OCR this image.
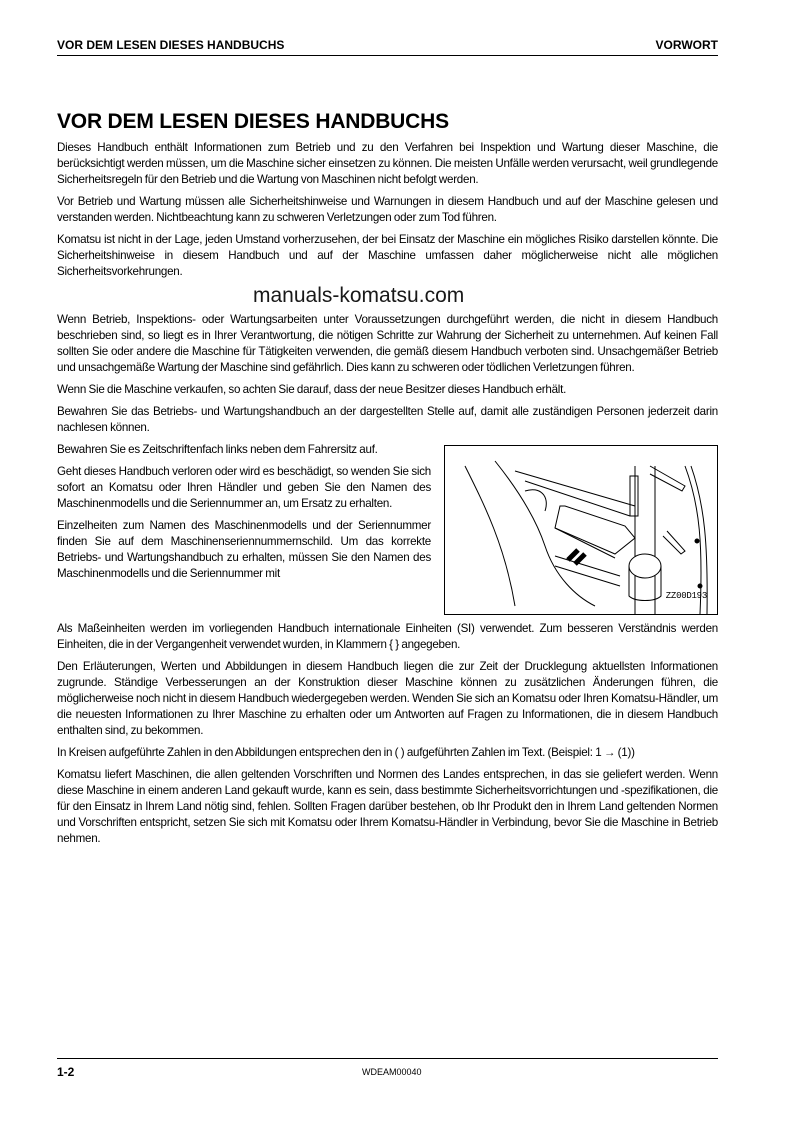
VOR DEM LESEN DIESES HANDBUCHS	VORWORT
VOR DEM LESEN DIESES HANDBUCHS

Dieses Handbuch enthält Informationen zum Betrieb und zu den Verfahren bei Inspektion und Wartung dieser Maschine, die berücksichtigt werden müssen, um die Maschine sicher einsetzen zu können. Die meisten Unfälle werden verursacht, weil grundlegende Sicherheitsregeln für den Betrieb und die Wartung von Maschinen nicht befolgt werden.

Vor Betrieb und Wartung müssen alle Sicherheitshinweise und Warnungen in diesem Handbuch und auf der Maschine gelesen und verstanden werden. Nichtbeachtung kann zu schweren Verletzungen oder zum Tod führen.

Komatsu ist nicht in der Lage, jeden Umstand vorherzusehen, der bei Einsatz der Maschine ein mögliches Risiko darstellen könnte. Die Sicherheitshinweise in diesem Handbuch und auf der Maschine umfassen daher möglicherweise nicht alle möglichen Sicherheitsvorkehrungen.

manuals-komatsu.com

Wenn Betrieb, Inspektions- oder Wartungsarbeiten unter Voraussetzungen durchgeführt werden, die nicht in diesem Handbuch beschrieben sind, so liegt es in Ihrer Verantwortung, die nötigen Schritte zur Wahrung der Sicherheit zu unternehmen. Auf keinen Fall sollten Sie oder andere die Maschine für Tätigkeiten verwenden, die gemäß diesem Handbuch verboten sind. Unsachgemäßer Betrieb und unsachgemäße Wartung der Maschine sind gefährlich. Dies kann zu schweren oder tödlichen Verletzungen führen.

Wenn Sie die Maschine verkaufen, so achten Sie darauf, dass der neue Besitzer dieses Handbuch erhält.

Bewahren Sie das Betriebs- und Wartungshandbuch an der dargestellten Stelle auf, damit alle zuständigen Personen jederzeit darin nachlesen können.

Bewahren Sie es Zeitschriftenfach links neben dem Fahrersitz auf.

Geht dieses Handbuch verloren oder wird es beschädigt, so wenden Sie sich sofort an Komatsu oder Ihren Händler und geben Sie den Namen des Maschinenmodells und die Seriennummer an, um Ersatz zu erhalten.

Einzelheiten zum Namen des Maschinenmodells und der Seriennummer finden Sie auf dem Maschinenseriennummernschild. Um das korrekte Betriebs- und Wartungshandbuch zu erhalten, müssen Sie den Namen des Maschinenmodells und die Seriennummer mit

ZZ00D193

Als Maßeinheiten werden im vorliegenden Handbuch internationale Einheiten (SI) verwendet. Zum besseren Verständnis werden Einheiten, die in der Vergangenheit verwendet wurden, in Klammern { } angegeben.

Den Erläuterungen, Werten und Abbildungen in diesem Handbuch liegen die zur Zeit der Drucklegung aktuellsten Informationen zugrunde. Ständige Verbesserungen an der Konstruktion dieser Maschine können zu zusätzlichen Änderungen führen, die möglicherweise noch nicht in diesem Handbuch wiedergegeben werden. Wenden Sie sich an Komatsu oder Ihren Komatsu-Händler, um die neuesten Informationen zu Ihrer Maschine zu erhalten oder um Antworten auf Fragen zu Informationen, die in diesem Handbuch enthalten sind, zu bekommen.

In Kreisen aufgeführte Zahlen in den Abbildungen entsprechen den in ( ) aufgeführten Zahlen im Text. (Beispiel: 1 → (1))

Komatsu liefert Maschinen, die allen geltenden Vorschriften und Normen des Landes entsprechen, in das sie geliefert werden. Wenn diese Maschine in einem anderen Land gekauft wurde, kann es sein, dass bestimmte Sicherheitsvorrichtungen und -spezifikationen, die für den Einsatz in Ihrem Land nötig sind, fehlen. Sollten Fragen darüber bestehen, ob Ihr Produkt den in Ihrem Land geltenden Normen und Vorschriften entspricht, setzen Sie sich mit Komatsu oder Ihrem Komatsu-Händler in Verbindung, bevor Sie die Maschine in Betrieb nehmen.

1-2	WDEAM00040
